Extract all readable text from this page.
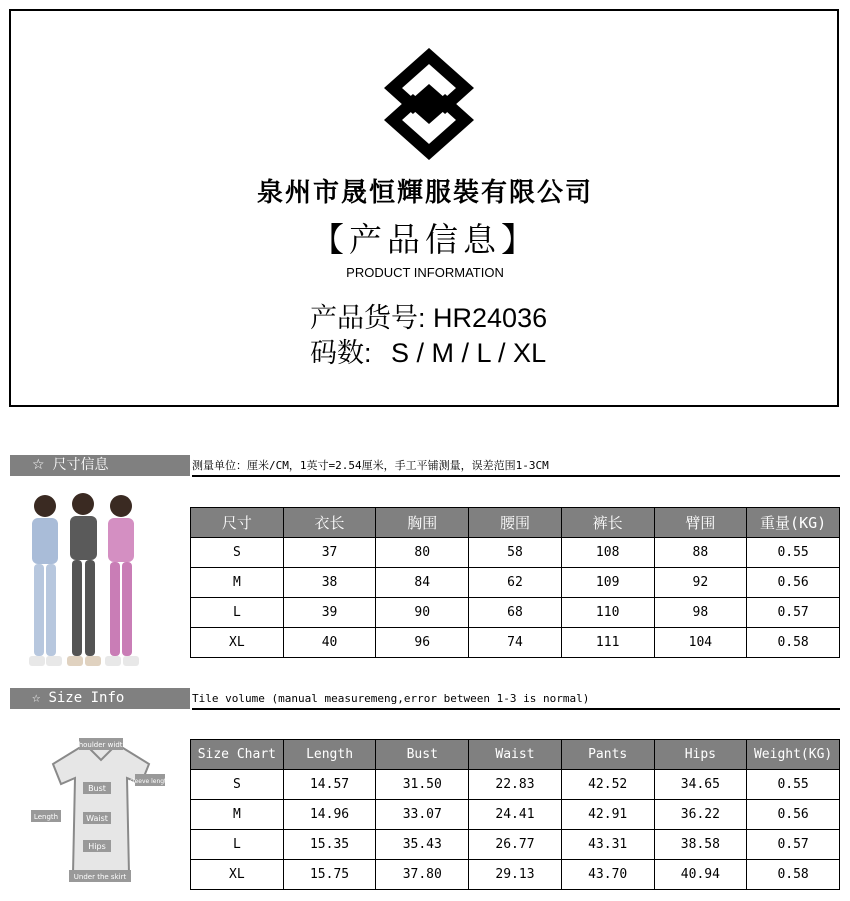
泉州市晟恒輝服裝有限公司
【产品信息】
PRODUCT INFORMATION
产品货号: HR24036
码数: S / M / L / XL
☆ 尺寸信息	测量单位：厘米/CM，1英寸=2.54厘米，手工平铺测量，误差范围1-3CM
尺寸	衣长	胸围	腰围	裤长	臂围	重量(KG)
S	37	80	58	108	88	0.55
M	38	84	62	109	92	0.56
L	39	90	68	110	98	0.57
XL	40	96	74	111	104	0.58
☆ Size Info	Tile volume (manual measuremeng,error between 1-3 is normal)
shoulder width
sleeve length
Bust
Length	Waist
Hips
Under the skirt
Size Chart	Length	Bust	Waist	Pants	Hips	Weight(KG)
S	14.57	31.50	22.83	42.52	34.65	0.55
M	14.96	33.07	24.41	42.91	36.22	0.56
L	15.35	35.43	26.77	43.31	38.58	0.57
XL	15.75	37.80	29.13	43.70	40.94	0.58
